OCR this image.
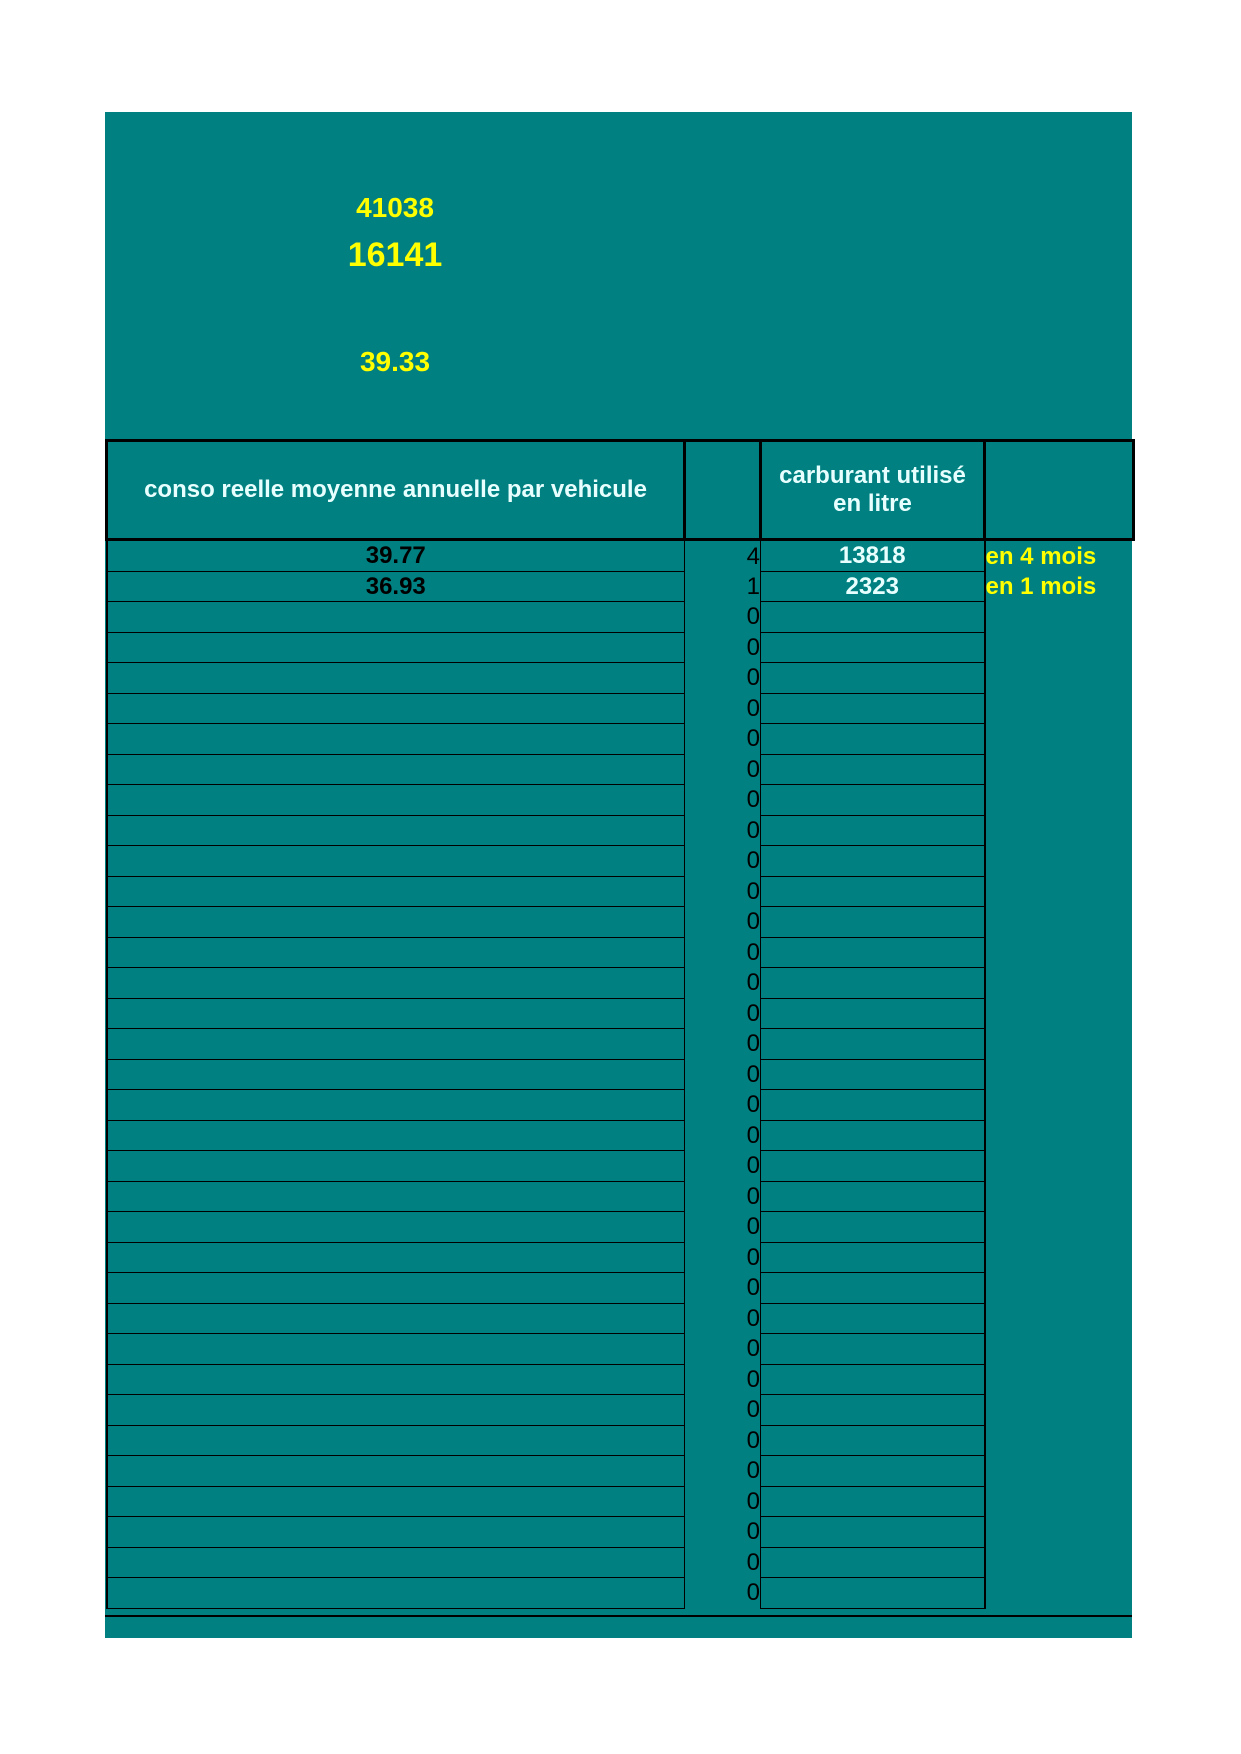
41038
16141
39.33
conso reelle moyenne annuelle par vehicule		carburant utilisé
en litre	
39.77	4	13818	en 4 mois
36.93	1	2323	en 1 mois
	0		
	0		
	0		
	0		
	0		
	0		
	0		
	0		
	0		
	0		
	0		
	0		
	0		
	0		
	0		
	0		
	0		
	0		
	0		
	0		
	0		
	0		
	0		
	0		
	0		
	0		
	0		
	0		
	0		
	0		
	0		
	0		
	0		
